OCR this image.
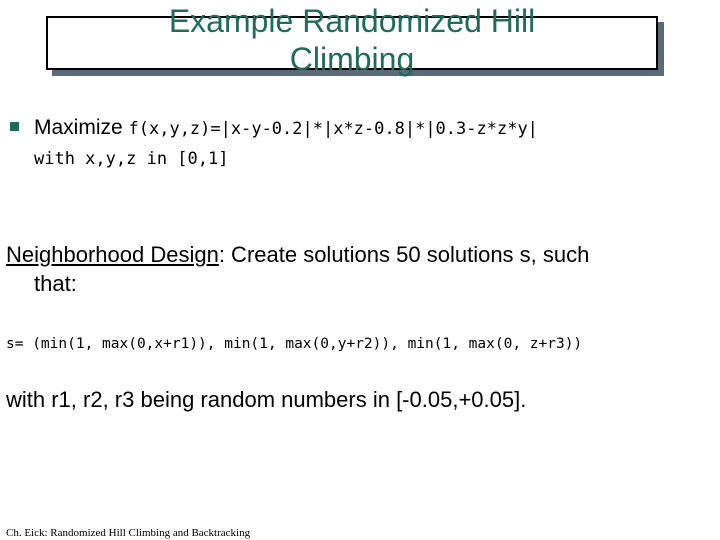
Example Randomized Hill
Climbing
Maximize f(x,y,z)=|x-y-0.2|*|x*z-0.8|*|0.3-z*z*y|
with x,y,z in [0,1]
Neighborhood Design: Create solutions 50 solutions s, such
that:
s= (min(1, max(0,x+r1)), min(1, max(0,y+r2)), min(1, max(0, z+r3))
with r1, r2, r3 being random numbers in [-0.05,+0.05].
Ch. Eick: Randomized Hill Climbing and Backtracking
